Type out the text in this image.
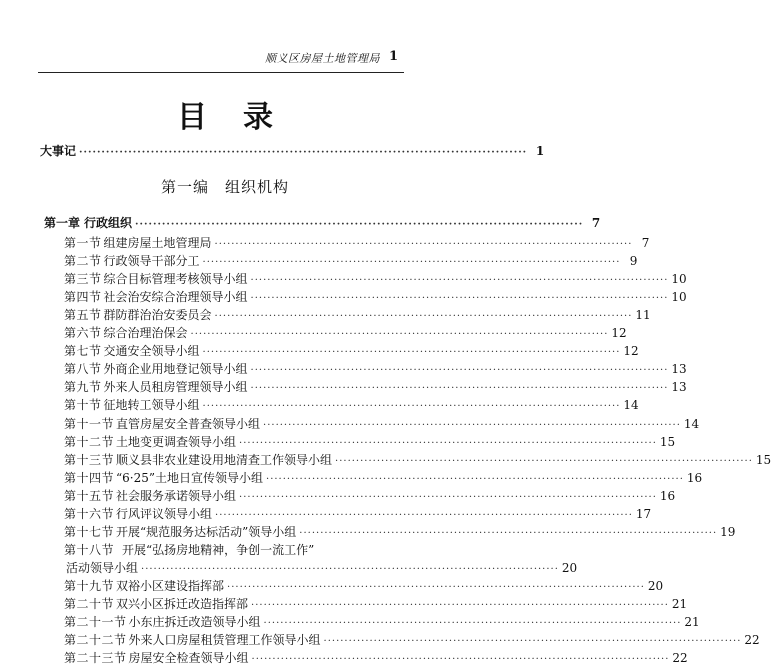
顺义区房屋土地管理局 1
目录
大事记 ···································································································· 1
第一编　组织机构
第一章 行政组织 ···································································································· 7
第一节 组建房屋土地管理局 ···································································································· 7
第二节 行政领导干部分工 ···································································································· 9
第三节 综合目标管理考核领导小组 ···································································································· 10
第四节 社会治安综合治理领导小组 ···································································································· 10
第五节 群防群治治安委员会 ···································································································· 11
第六节 综合治理治保会 ···································································································· 12
第七节 交通安全领导小组 ···································································································· 12
第八节 外商企业用地登记领导小组 ···································································································· 13
第九节 外来人员租房管理领导小组 ···································································································· 13
第十节 征地转工领导小组 ···································································································· 14
第十一节 直管房屋安全普查领导小组 ···································································································· 14
第十二节 土地变更调查领导小组 ···································································································· 15
第十三节 顺义县非农业建设用地清查工作领导小组 ···································································································· 15
第十四节 “6·25”土地日宣传领导小组 ···································································································· 16
第十五节 社会服务承诺领导小组 ···································································································· 16
第十六节 行风评议领导小组 ···································································································· 17
第十七节 开展“规范服务达标活动”领导小组 ···································································································· 19
第十八节 开展“弘扬房地精神，争创一流工作”
活动领导小组 ···································································································· 20
第十九节 双裕小区建设指挥部 ···································································································· 20
第二十节 双兴小区拆迁改造指挥部 ···································································································· 21
第二十一节 小东庄拆迁改造领导小组 ···································································································· 21
第二十二节 外来人口房屋租赁管理工作领导小组 ···································································································· 22
第二十三节 房屋安全检查领导小组 ···································································································· 22
